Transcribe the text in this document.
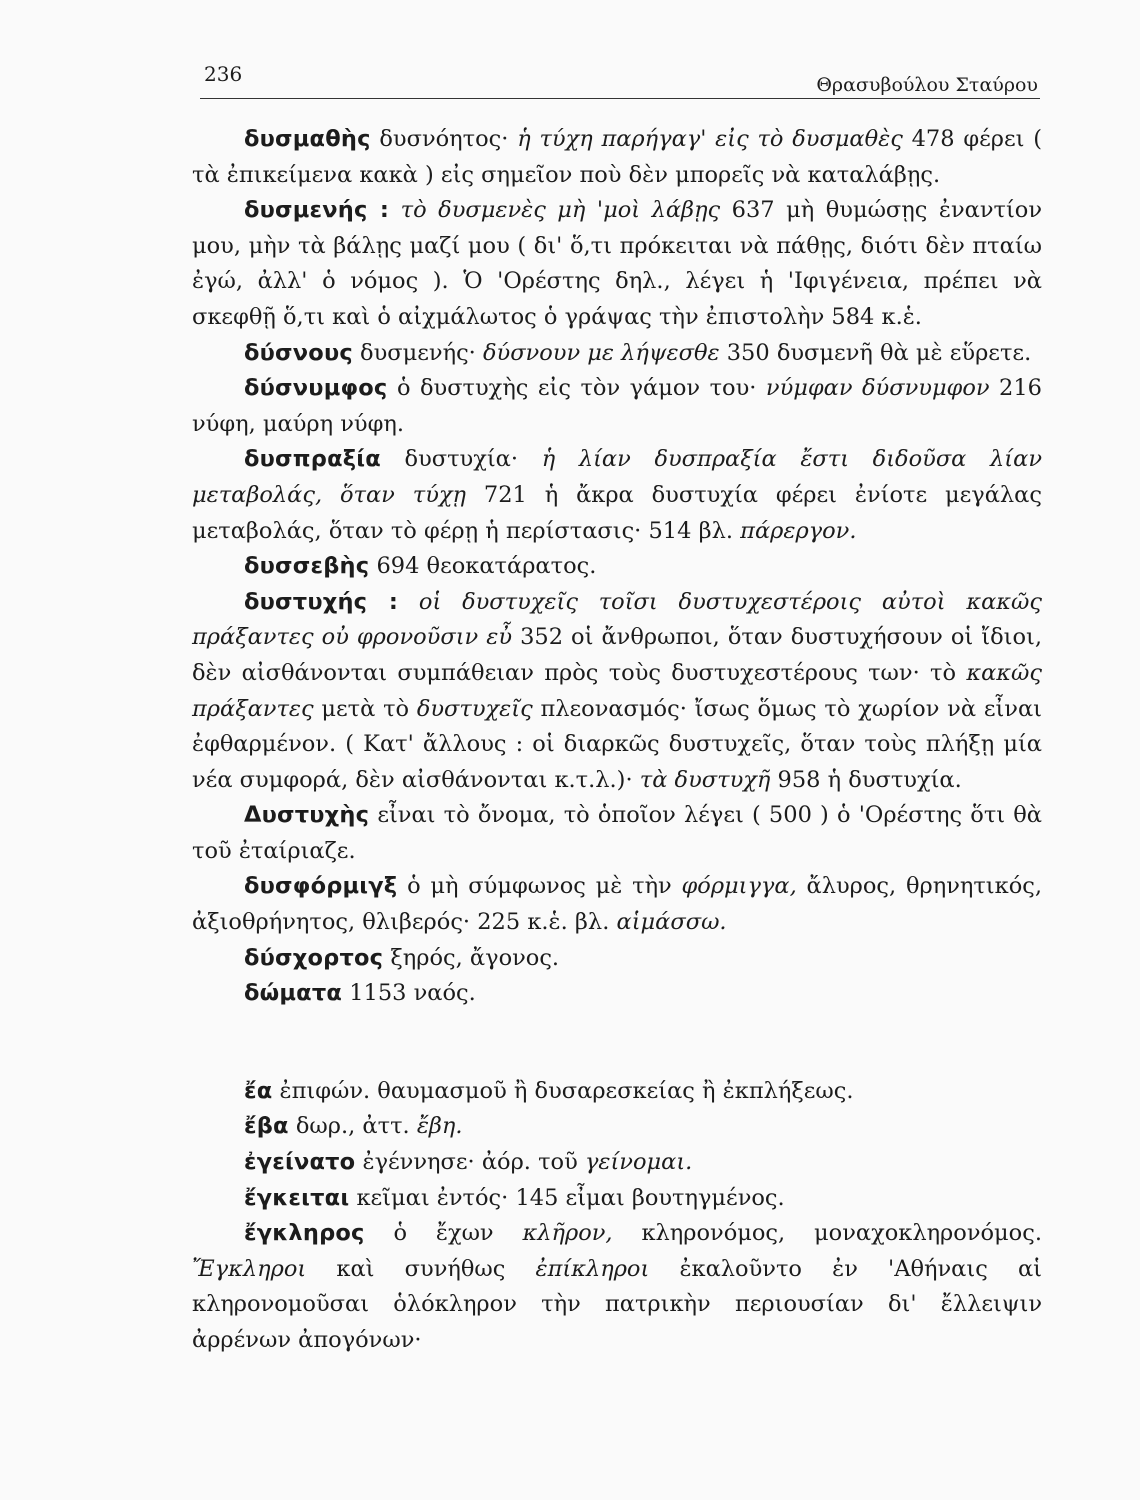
236	Θρασυβούλου Σταύρου

δυσμαθὴς δυσνόητος· ἡ τύχη παρήγαγ' εἰς τὸ δυσμαθὲς 478 φέρει ( τὰ ἐπικείμενα κακὰ ) εἰς σημεῖον ποὺ δὲν μπορεῖς νὰ καταλάβῃς.

δυσμενής : τὸ δυσμενὲς μὴ 'μοὶ λάβῃς 637 μὴ θυμώσῃς ἐναντίον μου, μὴν τὰ βάλῃς μαζί μου ( δι' ὅ,τι πρόκειται νὰ πάθῃς, διότι δὲν πταίω ἐγώ, ἀλλ' ὁ νόμος ). Ὁ 'Ορέστης δηλ., λέγει ἡ 'Ιφιγένεια, πρέπει νὰ σκεφθῇ ὅ,τι καὶ ὁ αἰχμάλωτος ὁ γράψας τὴν ἐπιστολὴν 584 κ.ἑ.

δύσνους δυσμενής· δύσνουν με λήψεσθε 350 δυσμενῆ θὰ μὲ εὕρετε.

δύσνυμφος ὁ δυστυχὴς εἰς τὸν γάμον του· νύμφαν δύσνυμφον 216 νύφη, μαύρη νύφη.

δυσπραξία δυστυχία· ἡ λίαν δυσπραξία ἔστι διδοῦσα λίαν μεταβολάς, ὅταν τύχῃ 721 ἡ ἄκρα δυστυχία φέρει ἐνίοτε μεγάλας μεταβολάς, ὅταν τὸ φέρῃ ἡ περίστασις· 514 βλ. πάρεργον.

δυσσεβὴς 694 θεοκατάρατος.

δυστυχής : οἱ δυστυχεῖς τοῖσι δυστυχεστέροις αὐτοὶ κακῶς πράξαντες οὐ φρονοῦσιν εὖ 352 οἱ ἄνθρωποι, ὅταν δυστυχήσουν οἱ ἴδιοι, δὲν αἰσθάνονται συμπάθειαν πρὸς τοὺς δυστυχεστέρους των· τὸ κακῶς πράξαντες μετὰ τὸ δυστυχεῖς πλεονασμός· ἴσως ὅμως τὸ χωρίον νὰ εἶναι ἐφθαρμένον. ( Κατ' ἄλλους : οἱ διαρκῶς δυστυχεῖς, ὅταν τοὺς πλήξῃ μία νέα συμφορά, δὲν αἰσθάνονται κ.τ.λ.)· τὰ δυστυχῆ 958 ἡ δυστυχία.

Δυστυχὴς εἶναι τὸ ὄνομα, τὸ ὁποῖον λέγει ( 500 ) ὁ 'Ορέστης ὅτι θὰ τοῦ ἐταίριαζε.

δυσφόρμιγξ ὁ μὴ σύμφωνος μὲ τὴν φόρμιγγα, ἄλυρος, θρηνητικός, ἀξιοθρήνητος, θλιβερός· 225 κ.ἑ. βλ. αἱμάσσω.

δύσχορτος ξηρός, ἄγονος.

δώματα 1153 ναός.

ἔα ἐπιφών. θαυμασμοῦ ἢ δυσαρεσκείας ἢ ἐκπλήξεως.

ἔβα δωρ., ἀττ. ἔβη.

ἐγείνατο ἐγέννησε· ἀόρ. τοῦ γείνομαι.

ἔγκειται κεῖμαι ἐντός· 145 εἶμαι βουτηγμένος.

ἔγκληρος ὁ ἔχων κλῆρον, κληρονόμος, μοναχοκληρονόμος. Ἔγκληροι καὶ συνήθως ἐπίκληροι ἐκαλοῦντο ἐν 'Αθήναις αἱ κληρονομοῦσαι ὁλόκληρον τὴν πατρικὴν περιουσίαν δι' ἔλλειψιν ἀρρένων ἀπογόνων·
